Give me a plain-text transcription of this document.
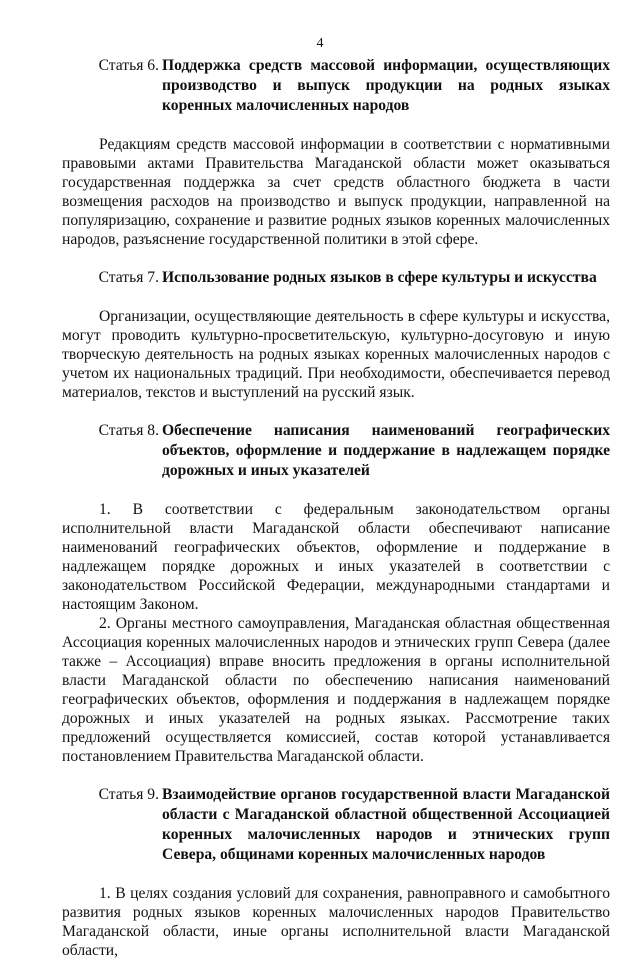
4
Статья 6. Поддержка средств массовой информации, осуществляющих производство и выпуск продукции на родных языках коренных малочисленных народов

Редакциям средств массовой информации в соответствии с нормативными правовыми актами Правительства Магаданской области может оказываться государственная поддержка за счет средств областного бюджета в части возмещения расходов на производство и выпуск продукции, направленной на популяризацию, сохранение и развитие родных языков коренных малочисленных народов, разъяснение государственной политики в этой сфере.

Статья 7. Использование родных языков в сфере культуры и искусства

Организации, осуществляющие деятельность в сфере культуры и искусства, могут проводить культурно-просветительскую, культурно-досуговую и иную творческую деятельность на родных языках коренных малочисленных народов с учетом их национальных традиций. При необходимости, обеспечивается перевод материалов, текстов и выступлений на русский язык.

Статья 8. Обеспечение написания наименований географических объектов, оформление и поддержание в надлежащем порядке дорожных и иных указателей

1. В соответствии с федеральным законодательством органы исполнительной власти Магаданской области обеспечивают написание наименований географических объектов, оформление и поддержание в надлежащем порядке дорожных и иных указателей в соответствии с законодательством Российской Федерации, международными стандартами и настоящим Законом.

2. Органы местного самоуправления, Магаданская областная общественная Ассоциация коренных малочисленных народов и этнических групп Севера (далее также – Ассоциация) вправе вносить предложения в органы исполнительной власти Магаданской области по обеспечению написания наименований географических объектов, оформления и поддержания в надлежащем порядке дорожных и иных указателей на родных языках. Рассмотрение таких предложений осуществляется комиссией, состав которой устанавливается постановлением Правительства Магаданской области.

Статья 9. Взаимодействие органов государственной власти Магаданской области с Магаданской областной общественной Ассоциацией коренных малочисленных народов и этнических групп Севера, общинами коренных малочисленных народов

1. В целях создания условий для сохранения, равноправного и самобытного развития родных языков коренных малочисленных народов Правительство Магаданской области, иные органы исполнительной власти Магаданской области,
